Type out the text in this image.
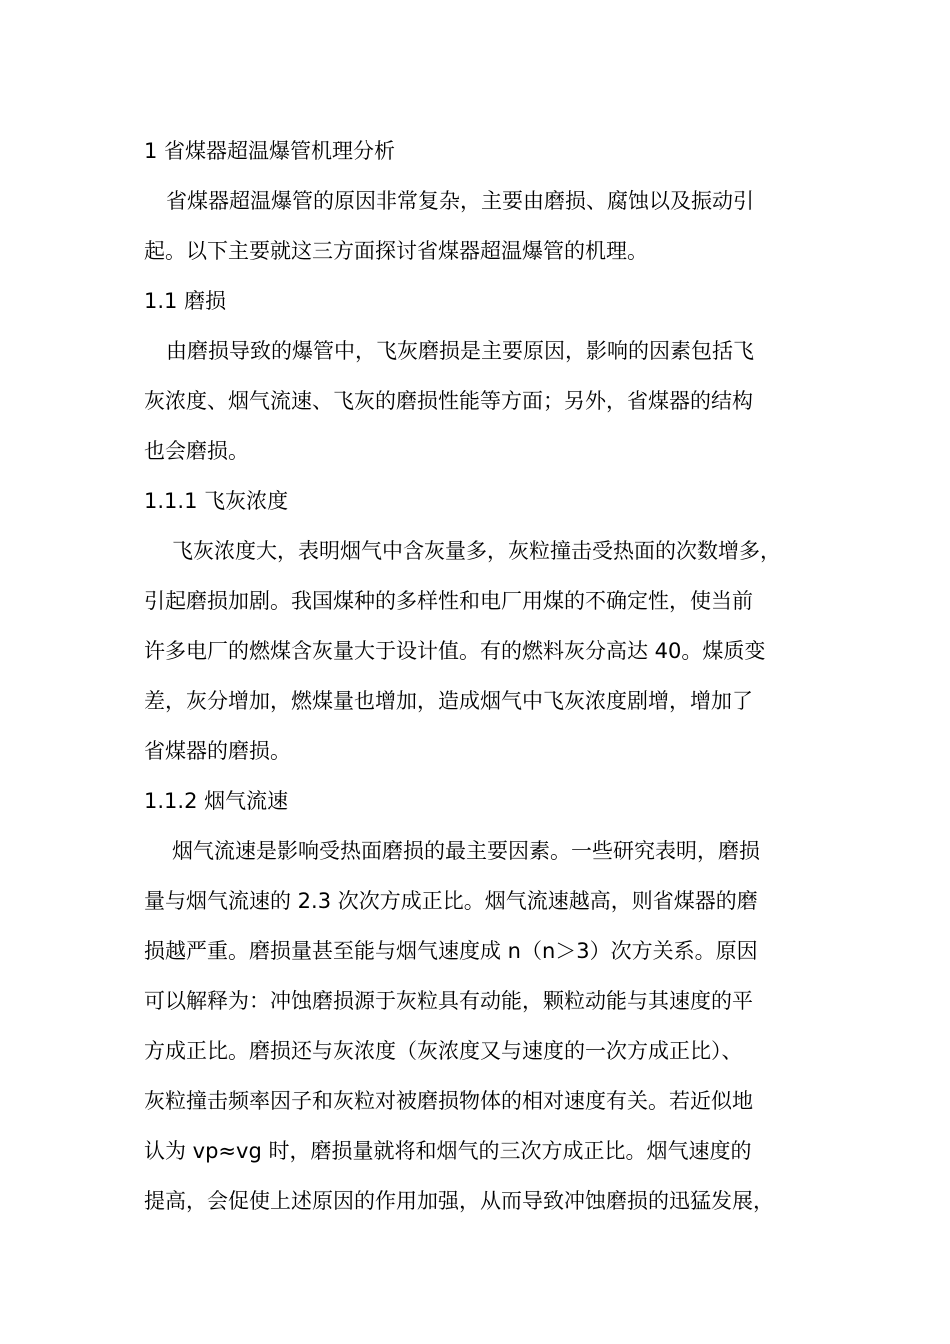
1 省煤器超温爆管机理分析
省煤器超温爆管的原因非常复杂，主要由磨损、腐蚀以及振动引
起。以下主要就这三方面探讨省煤器超温爆管的机理。
1.1 磨损
由磨损导致的爆管中，飞灰磨损是主要原因，影响的因素包括飞
灰浓度、烟气流速、飞灰的磨损性能等方面；另外，省煤器的结构
也会磨损。
1.1.1 飞灰浓度
飞灰浓度大，表明烟气中含灰量多，灰粒撞击受热面的次数增多，
引起磨损加剧。我国煤种的多样性和电厂用煤的不确定性，使当前
许多电厂的燃煤含灰量大于设计值。有的燃料灰分高达 40。煤质变
差，灰分增加，燃煤量也增加，造成烟气中飞灰浓度剧增，增加了
省煤器的磨损。
1.1.2 烟气流速
烟气流速是影响受热面磨损的最主要因素。一些研究表明，磨损
量与烟气流速的 2.3 次次方成正比。烟气流速越高，则省煤器的磨
损越严重。磨损量甚至能与烟气速度成 n（n＞3）次方关系。原因
可以解释为：冲蚀磨损源于灰粒具有动能，颗粒动能与其速度的平
方成正比。磨损还与灰浓度（灰浓度又与速度的一次方成正比）、
灰粒撞击频率因子和灰粒对被磨损物体的相对速度有关。若近似地
认为 vp≈vg 时，磨损量就将和烟气的三次方成正比。烟气速度的
提高，会促使上述原因的作用加强，从而导致冲蚀磨损的迅猛发展，
